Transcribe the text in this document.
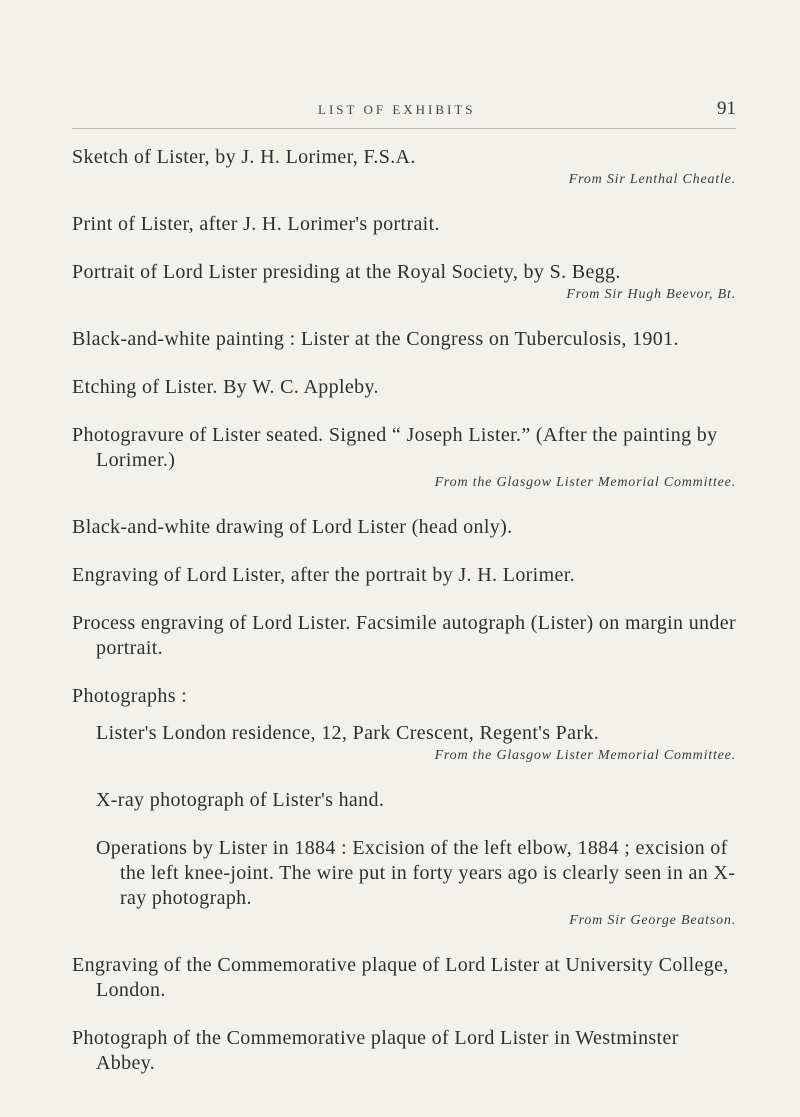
LIST OF EXHIBITS	91
Sketch of Lister, by J. H. Lorimer, F.S.A.
From Sir Lenthal Cheatle.
Print of Lister, after J. H. Lorimer's portrait.
Portrait of Lord Lister presiding at the Royal Society, by S. Begg.
From Sir Hugh Beevor, Bt.
Black-and-white painting : Lister at the Congress on Tuberculosis, 1901.
Etching of Lister. By W. C. Appleby.
Photogravure of Lister seated. Signed “ Joseph Lister.” (After the painting by Lorimer.)
From the Glasgow Lister Memorial Committee.
Black-and-white drawing of Lord Lister (head only).
Engraving of Lord Lister, after the portrait by J. H. Lorimer.
Process engraving of Lord Lister. Facsimile autograph (Lister) on margin under portrait.
Photographs :
Lister's London residence, 12, Park Crescent, Regent's Park.
From the Glasgow Lister Memorial Committee.
X-ray photograph of Lister's hand.
Operations by Lister in 1884 : Excision of the left elbow, 1884 ; excision of the left knee-joint. The wire put in forty years ago is clearly seen in an X-ray photograph.
From Sir George Beatson.
Engraving of the Commemorative plaque of Lord Lister at University College, London.
Photograph of the Commemorative plaque of Lord Lister in Westminster Abbey.
